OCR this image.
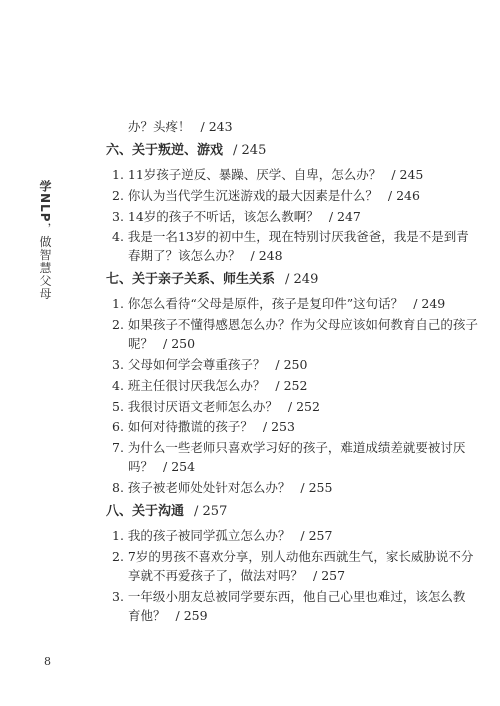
学NLP，做智慧父母
办？头疼！ / 243
六、关于叛逆、游戏 / 245
1. 11岁孩子逆反、暴躁、厌学、自卑，怎么办？ / 245
2. 你认为当代学生沉迷游戏的最大因素是什么？ / 246
3. 14岁的孩子不听话，该怎么教啊？ / 247
4. 我是一名13岁的初中生，现在特别讨厌我爸爸，我是不是到青
春期了？该怎么办？ / 248
七、关于亲子关系、师生关系 / 249
1. 你怎么看待“父母是原件，孩子是复印件”这句话？ / 249
2. 如果孩子不懂得感恩怎么办？作为父母应该如何教育自己的孩子
呢？ / 250
3. 父母如何学会尊重孩子？ / 250
4. 班主任很讨厌我怎么办？ / 252
5. 我很讨厌语文老师怎么办？ / 252
6. 如何对待撒谎的孩子？ / 253
7. 为什么一些老师只喜欢学习好的孩子，难道成绩差就要被讨厌
吗？ / 254
8. 孩子被老师处处针对怎么办？ / 255
八、关于沟通 / 257
1. 我的孩子被同学孤立怎么办？ / 257
2. 7岁的男孩不喜欢分享，别人动他东西就生气，家长威胁说不分
享就不再爱孩子了，做法对吗？ / 257
3. 一年级小朋友总被同学要东西，他自己心里也难过，该怎么教
育他？ / 259
8
